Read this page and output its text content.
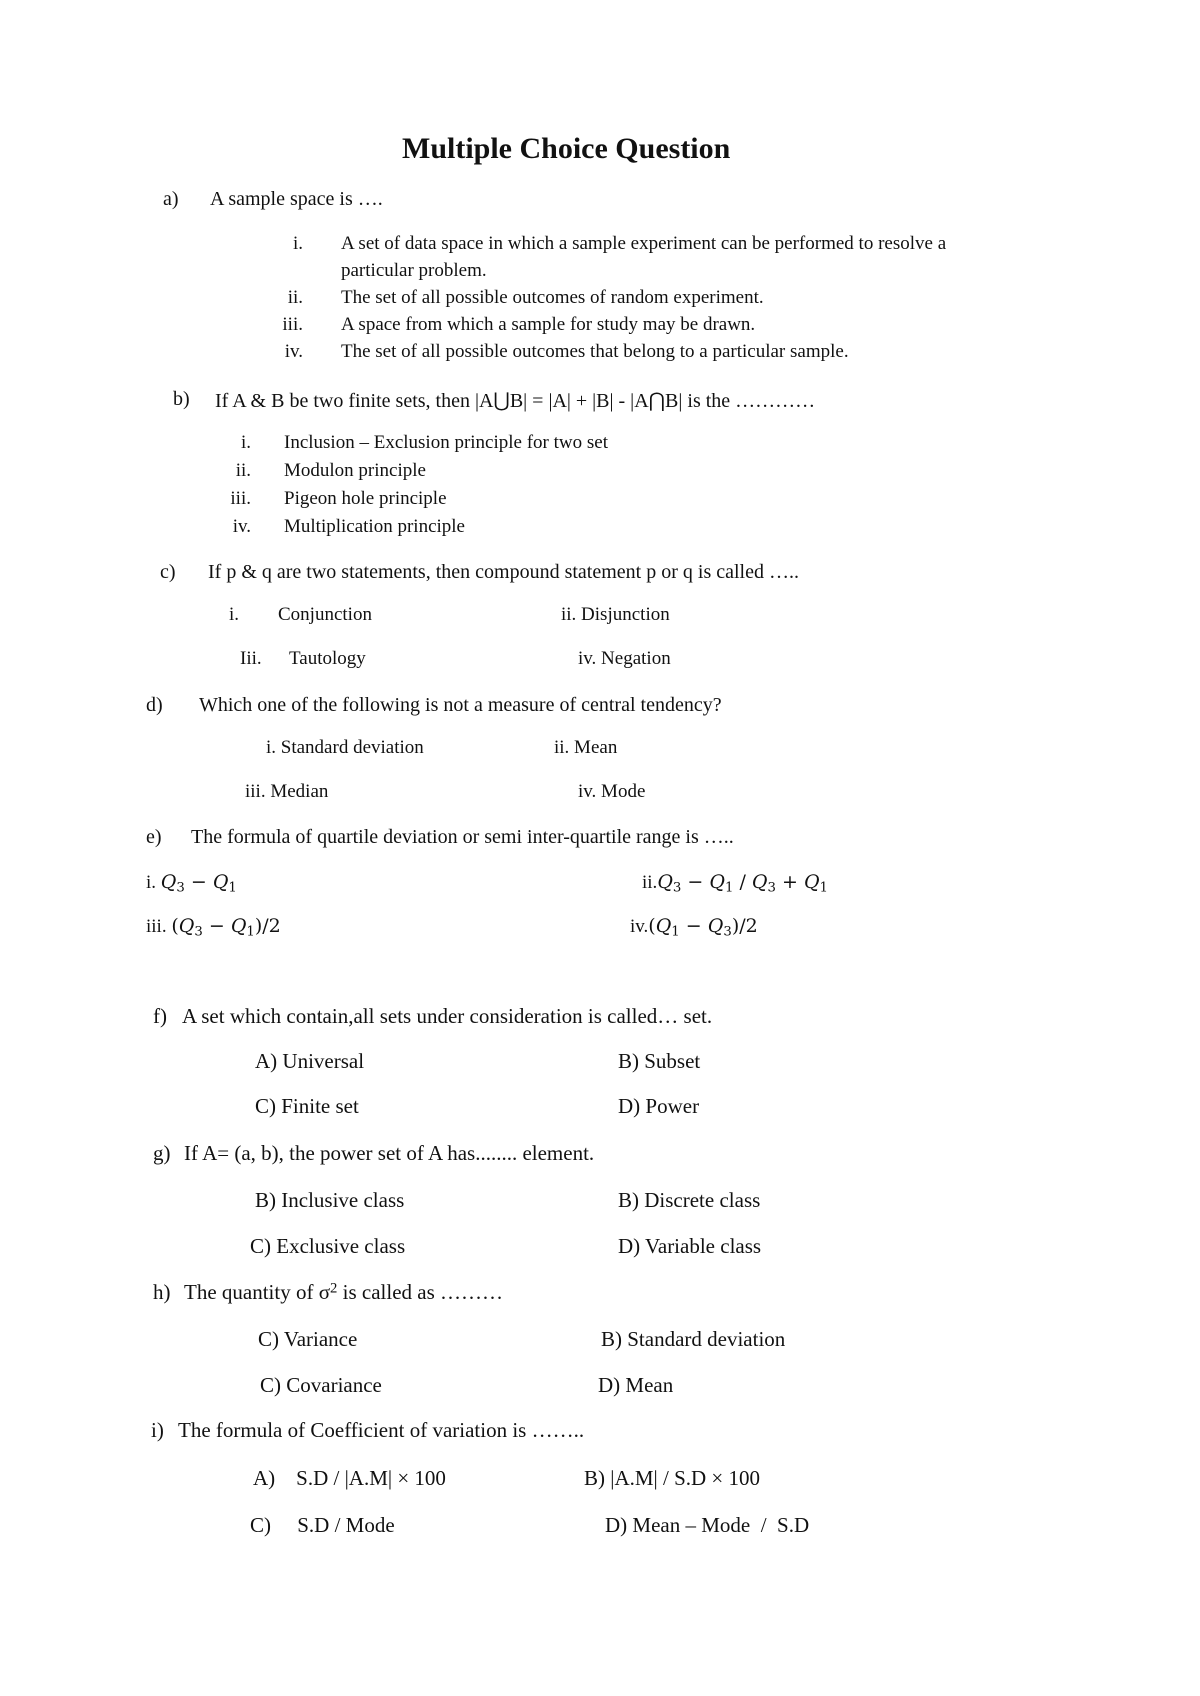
Multiple Choice Question
a) A sample space is ….
i. A set of data space in which a sample experiment can be performed to resolve a
particular problem.
ii. The set of all possible outcomes of random experiment.
iii. A space from which a sample for study may be drawn.
iv. The set of all possible outcomes that belong to a particular sample.
b) If A & B be two finite sets, then |A⋃B| = |A| + |B| - |A⋂B| is the …………
i. Inclusion – Exclusion principle for two set
ii. Modulon principle
iii. Pigeon hole principle
iv. Multiplication principle
c) If p & q are two statements, then compound statement p or q is called …..
i. Conjunction	ii. Disjunction
Iii. Tautology	iv. Negation
d) Which one of the following is not a measure of central tendency?
i. Standard deviation	ii. Mean
iii. Median	iv. Mode
e) The formula of quartile deviation or semi inter-quartile range is …..
i. $Q_3 - Q_1$	$ii.Q_3 - Q_1 / Q_3 + Q_1$
iii. $(Q_3 - Q_1)/2$	$iv.(Q_1 - Q_3)/2$
f) A set which contain,all sets under consideration is called… set.
A) Universal	B) Subset
C) Finite set	D) Power
g) If A= (a, b), the power set of A has........ element.
B) Inclusive class	B) Discrete class
C) Exclusive class	D) Variable class
h) The quantity of $\sigma^2$ is called as ………
C) Variance	B) Standard deviation
C) Covariance	D) Mean
i) The formula of Coefficient of variation is ……..
A)    S.D / |A.M| × 100	B) |A.M| / S.D × 100
C)     S.D / Mode	D) Mean – Mode  /  S.D
